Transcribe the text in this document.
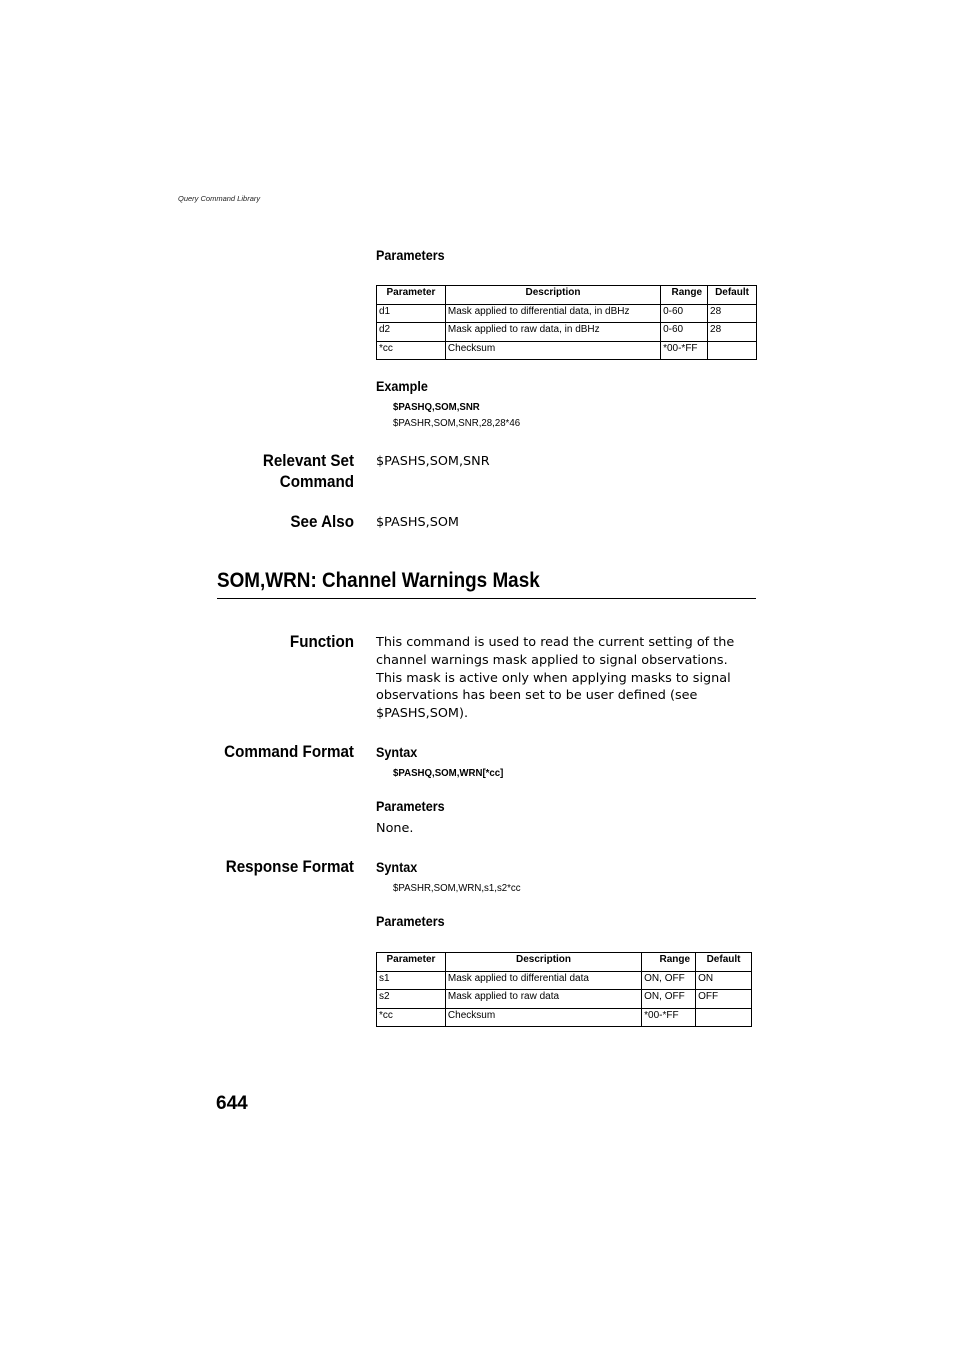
Query Command Library
Parameters
Parameter	Description	Range	Default
d1	Mask applied to differential data, in dBHz	0-60	28
d2	Mask applied to raw data, in dBHz	0-60	28
*cc	Checksum	*00-*FF	
Example
$PASHQ,SOM,SNR
$PASHR,SOM,SNR,28,28*46
Relevant Set
Command
$PASHS,SOM,SNR
See Also $PASHS,SOM
SOM,WRN: Channel Warnings Mask
Function This command is used to read the current setting of the channel warnings mask applied to signal observations. This mask is active only when applying masks to signal observations has been set to be user defined (see $PASHS,SOM).
Command Format Syntax
$PASHQ,SOM,WRN[*cc]
Parameters
None.
Response Format Syntax
$PASHR,SOM,WRN,s1,s2*cc
Parameters
Parameter	Description	Range	Default
s1	Mask applied to differential data	ON, OFF	ON
s2	Mask applied to raw data	ON, OFF	OFF
*cc	Checksum	*00-*FF	
644
